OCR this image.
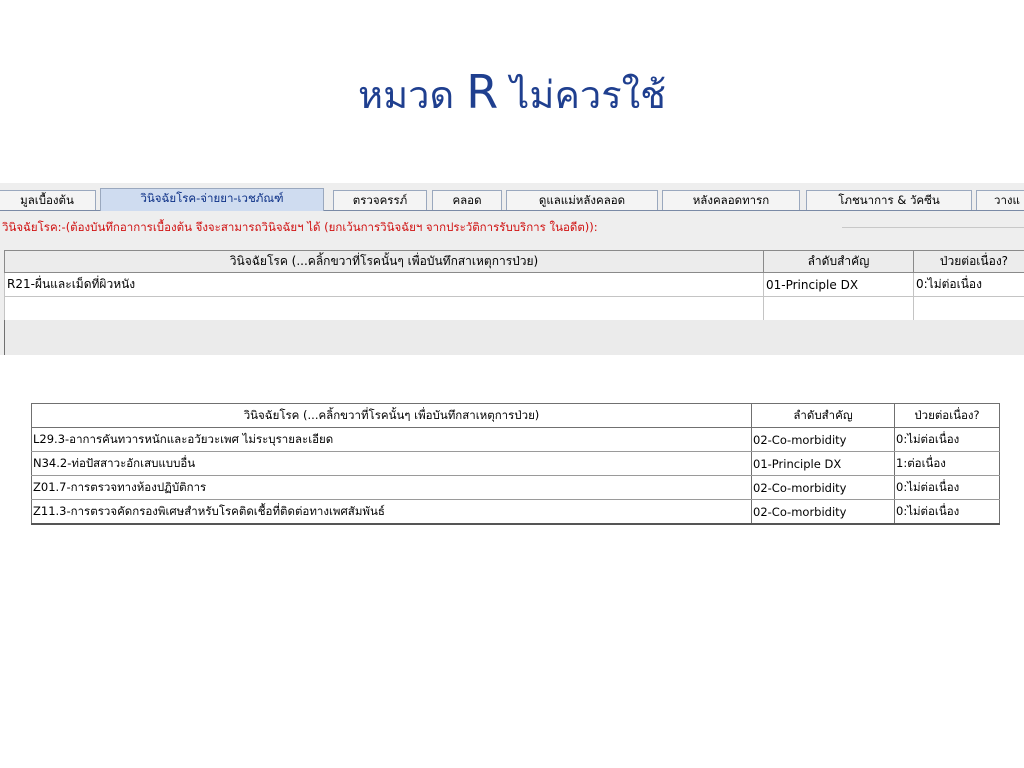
หมวด R ไม่ควรใช้
มูลเบื้องต้น	วินิจฉัยโรค-จ่ายยา-เวชภัณฑ์	ตรวจครรภ์	คลอด	ดูแลแม่หลังคลอด	หลังคลอดทารก	โภชนาการ & วัคซีน	วางแ
วินิจฉัยโรค:-(ต้องบันทึกอาการเบื้องต้น จึงจะสามารถวินิจฉัยฯ ได้ (ยกเว้นการวินิจฉัยฯ จากประวัติการรับบริการ ในอดีต)):
วินิจฉัยโรค (...คลิ้กขวาที่โรคนั้นๆ เพื่อบันทึกสาเหตุการป่วย)	ลำดับสำคัญ	ป่วยต่อเนื่อง?
R21-ผื่นและเม็ดที่ผิวหนัง	01-Principle DX	0:ไม่ต่อเนื่อง

วินิจฉัยโรค (...คลิ้กขวาที่โรคนั้นๆ เพื่อบันทึกสาเหตุการป่วย)	ลำดับสำคัญ	ป่วยต่อเนื่อง?
L29.3-อาการคันทวารหนักและอวัยวะเพศ ไม่ระบุรายละเอียด	02-Co-morbidity	0:ไม่ต่อเนื่อง
N34.2-ท่อปัสสาวะอักเสบแบบอื่น	01-Principle DX	1:ต่อเนื่อง
Z01.7-การตรวจทางห้องปฏิบัติการ	02-Co-morbidity	0:ไม่ต่อเนื่อง
Z11.3-การตรวจคัดกรองพิเศษสำหรับโรคติดเชื้อที่ติดต่อทางเพศสัมพันธ์	02-Co-morbidity	0:ไม่ต่อเนื่อง
